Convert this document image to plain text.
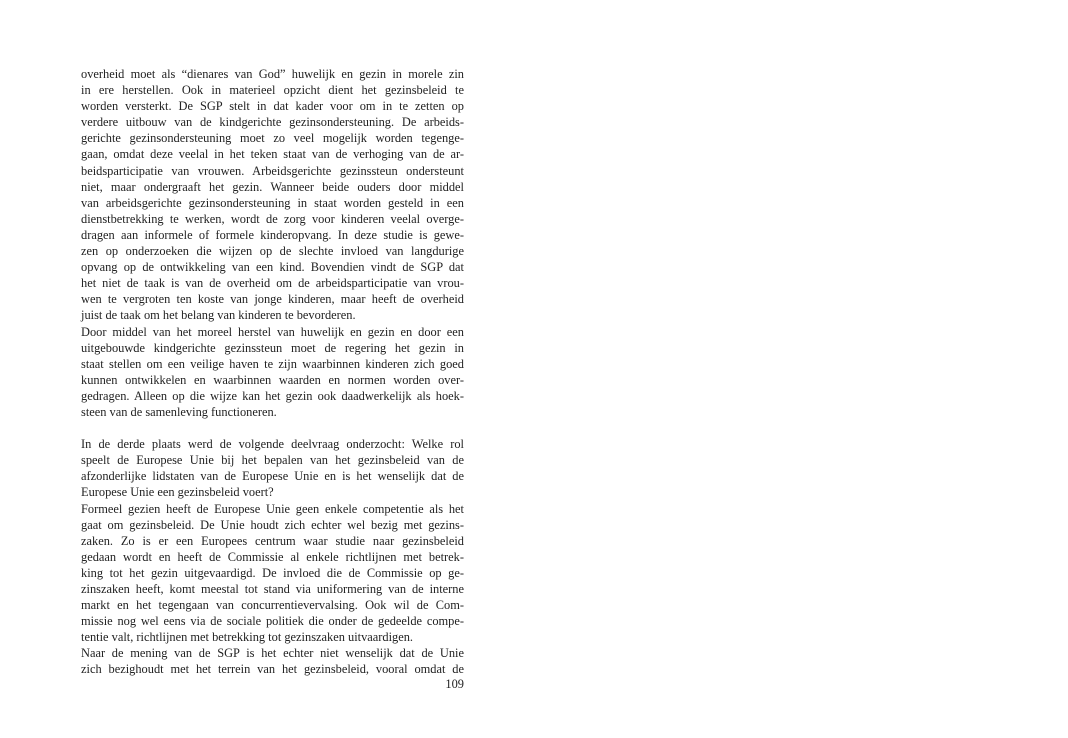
overheid moet als “dienares van God” huwelijk en gezin in morele zin
in ere herstellen. Ook in materieel opzicht dient het gezinsbeleid te
worden versterkt. De SGP stelt in dat kader voor om in te zetten op
verdere uitbouw van de kindgerichte gezinsondersteuning. De arbeids-
gerichte gezinsondersteuning moet zo veel mogelijk worden tegenge-
gaan, omdat deze veelal in het teken staat van de verhoging van de ar-
beidsparticipatie van vrouwen. Arbeidsgerichte gezinssteun ondersteunt
niet, maar ondergraaft het gezin. Wanneer beide ouders door middel
van arbeidsgerichte gezinsondersteuning in staat worden gesteld in een
dienstbetrekking te werken, wordt de zorg voor kinderen veelal overge-
dragen aan informele of formele kinderopvang. In deze studie is gewe-
zen op onderzoeken die wijzen op de slechte invloed van langdurige
opvang op de ontwikkeling van een kind. Bovendien vindt de SGP dat
het niet de taak is van de overheid om de arbeidsparticipatie van vrou-
wen te vergroten ten koste van jonge kinderen, maar heeft de overheid
juist de taak om het belang van kinderen te bevorderen.
Door middel van het moreel herstel van huwelijk en gezin en door een
uitgebouwde kindgerichte gezinssteun moet de regering het gezin in
staat stellen om een veilige haven te zijn waarbinnen kinderen zich goed
kunnen ontwikkelen en waarbinnen waarden en normen worden over-
gedragen. Alleen op die wijze kan het gezin ook daadwerkelijk als hoek-
steen van de samenleving functioneren.
In de derde plaats werd de volgende deelvraag onderzocht: Welke rol
speelt de Europese Unie bij het bepalen van het gezinsbeleid van de
afzonderlijke lidstaten van de Europese Unie en is het wenselijk dat de
Europese Unie een gezinsbeleid voert?
Formeel gezien heeft de Europese Unie geen enkele competentie als het
gaat om gezinsbeleid. De Unie houdt zich echter wel bezig met gezins-
zaken. Zo is er een Europees centrum waar studie naar gezinsbeleid
gedaan wordt en heeft de Commissie al enkele richtlijnen met betrek-
king tot het gezin uitgevaardigd. De invloed die de Commissie op ge-
zinszaken heeft, komt meestal tot stand via uniformering van de interne
markt en het tegengaan van concurrentievervalsing. Ook wil de Com-
missie nog wel eens via de sociale politiek die onder de gedeelde compe-
tentie valt, richtlijnen met betrekking tot gezinszaken uitvaardigen.
Naar de mening van de SGP is het echter niet wenselijk dat de Unie
zich bezighoudt met het terrein van het gezinsbeleid, vooral omdat de
109
